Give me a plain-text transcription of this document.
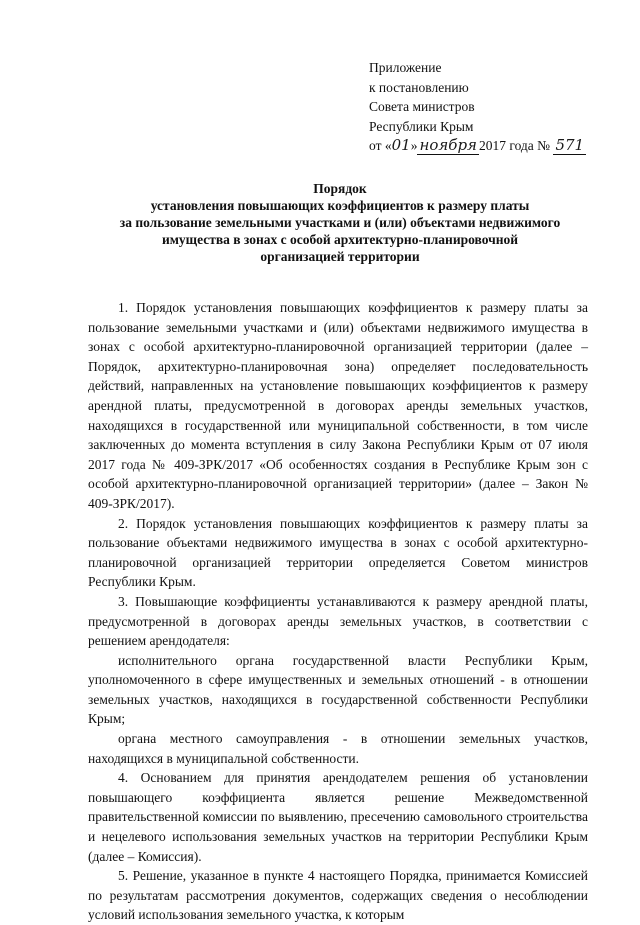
Приложение
к постановлению
Совета министров
Республики Крым
от «01» ноября 2017 года № 571
Порядок
установления повышающих коэффициентов к размеру платы
за пользование земельными участками и (или) объектами недвижимого
имущества в зонах с особой архитектурно-планировочной
организацией территории

1. Порядок установления повышающих коэффициентов к размеру платы за пользование земельными участками и (или) объектами недвижимого имущества в зонах с особой архитектурно-планировочной организацией территории (далее – Порядок, архитектурно-планировочная зона) определяет последовательность действий, направленных на установление повышающих коэффициентов к размеру арендной платы, предусмотренной в договорах аренды земельных участков, находящихся в государственной или муниципальной собственности, в том числе заключенных до момента вступления в силу Закона Республики Крым от 07 июля 2017 года № 409-ЗРК/2017 «Об особенностях создания в Республике Крым зон с особой архитектурно-планировочной организацией территории» (далее – Закон № 409-ЗРК/2017).

2. Порядок установления повышающих коэффициентов к размеру платы за пользование объектами недвижимого имущества в зонах с особой архитектурно-планировочной организацией территории определяется Советом министров Республики Крым.

3. Повышающие коэффициенты устанавливаются к размеру арендной платы, предусмотренной в договорах аренды земельных участков, в соответствии с решением арендодателя:

исполнительного органа государственной власти Республики Крым, уполномоченного в сфере имущественных и земельных отношений - в отношении земельных участков, находящихся в государственной собственности Республики Крым;

органа местного самоуправления - в отношении земельных участков, находящихся в муниципальной собственности.

4. Основанием для принятия арендодателем решения об установлении повышающего коэффициента является решение Межведомственной правительственной комиссии по выявлению, пресечению самовольного строительства и нецелевого использования земельных участков на территории Республики Крым (далее – Комиссия).

5. Решение, указанное в пункте 4 настоящего Порядка, принимается Комиссией по результатам рассмотрения документов, содержащих сведения о несоблюдении условий использования земельного участка, к которым
